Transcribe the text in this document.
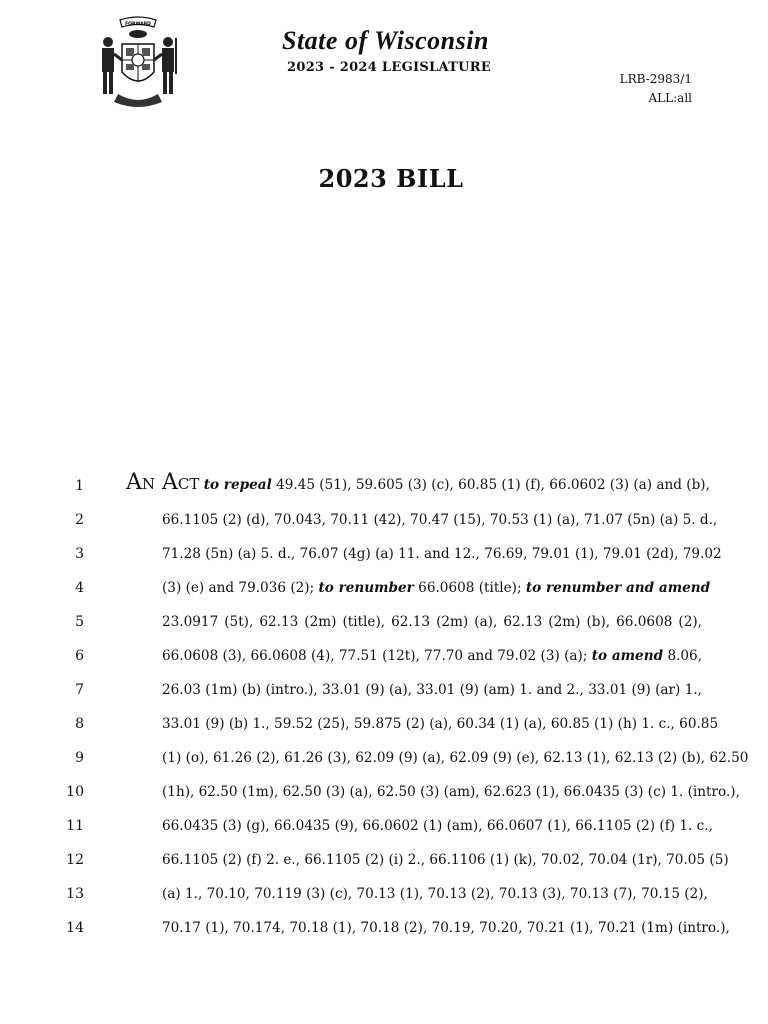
FORWARD
State of Wisconsin
2023 - 2024 LEGISLATURE
LRB-2983/1
ALL:all
2023 BILL
1 An Act to repeal 49.45 (51), 59.605 (3) (c), 60.85 (1) (f), 66.0602 (3) (a) and (b),
2	66.1105 (2) (d), 70.043, 70.11 (42), 70.47 (15), 70.53 (1) (a), 71.07 (5n) (a) 5. d.,
3	71.28 (5n) (a) 5. d., 76.07 (4g) (a) 11. and 12., 76.69, 79.01 (1), 79.01 (2d), 79.02
4	(3) (e) and 79.036 (2); to renumber 66.0608 (title); to renumber and amend
5	23.0917 (5t), 62.13 (2m) (title), 62.13 (2m) (a), 62.13 (2m) (b), 66.0608 (2),
6	66.0608 (3), 66.0608 (4), 77.51 (12t), 77.70 and 79.02 (3) (a); to amend 8.06,
7	26.03 (1m) (b) (intro.), 33.01 (9) (a), 33.01 (9) (am) 1. and 2., 33.01 (9) (ar) 1.,
8	33.01 (9) (b) 1., 59.52 (25), 59.875 (2) (a), 60.34 (1) (a), 60.85 (1) (h) 1. c., 60.85
9	(1) (o), 61.26 (2), 61.26 (3), 62.09 (9) (a), 62.09 (9) (e), 62.13 (1), 62.13 (2) (b), 62.50
10	(1h), 62.50 (1m), 62.50 (3) (a), 62.50 (3) (am), 62.623 (1), 66.0435 (3) (c) 1. (intro.),
11	66.0435 (3) (g), 66.0435 (9), 66.0602 (1) (am), 66.0607 (1), 66.1105 (2) (f) 1. c.,
12	66.1105 (2) (f) 2. e., 66.1105 (2) (i) 2., 66.1106 (1) (k), 70.02, 70.04 (1r), 70.05 (5)
13	(a) 1., 70.10, 70.119 (3) (c), 70.13 (1), 70.13 (2), 70.13 (3), 70.13 (7), 70.15 (2),
14	70.17 (1), 70.174, 70.18 (1), 70.18 (2), 70.19, 70.20, 70.21 (1), 70.21 (1m) (intro.),
